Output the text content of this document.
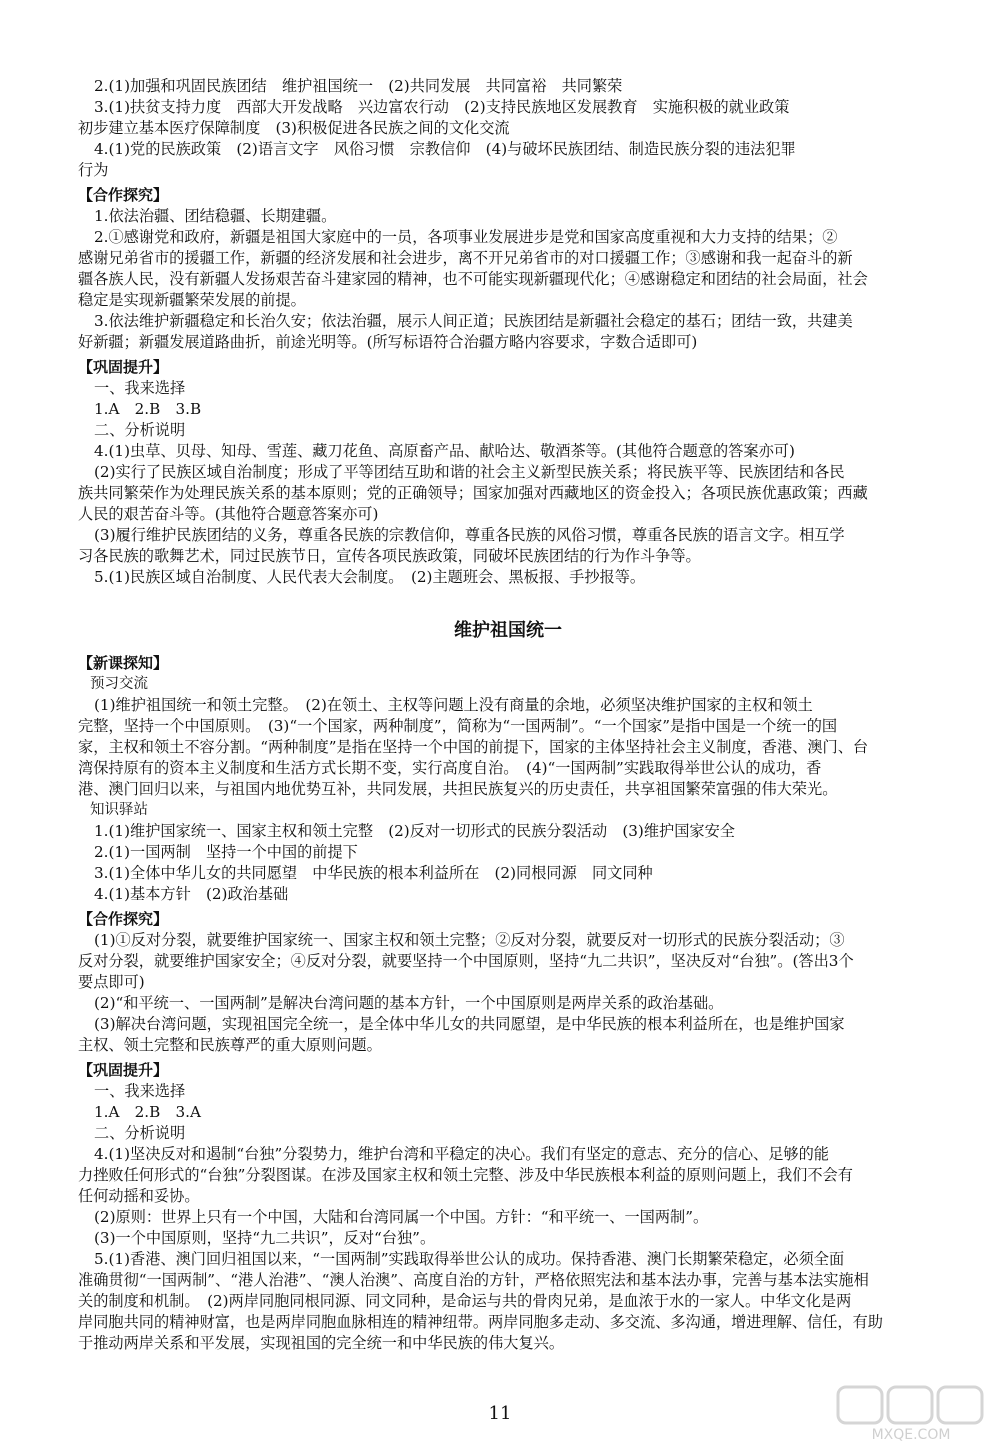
2.(1)加强和巩固民族团结　维护祖国统一　(2)共同发展　共同富裕　共同繁荣
3.(1)扶贫支持力度　西部大开发战略　兴边富农行动　(2)支持民族地区发展教育　实施积极的就业政策
初步建立基本医疗保障制度　(3)积极促进各民族之间的文化交流
4.(1)党的民族政策　(2)语言文字　风俗习惯　宗教信仰　(4)与破坏民族团结、制造民族分裂的违法犯罪
行为
【合作探究】
1.依法治疆、团结稳疆、长期建疆。
2.①感谢党和政府，新疆是祖国大家庭中的一员，各项事业发展进步是党和国家高度重视和大力支持的结果；②
感谢兄弟省市的援疆工作，新疆的经济发展和社会进步，离不开兄弟省市的对口援疆工作；③感谢和我一起奋斗的新
疆各族人民，没有新疆人发扬艰苦奋斗建家园的精神，也不可能实现新疆现代化；④感谢稳定和团结的社会局面，社会
稳定是实现新疆繁荣发展的前提。
3.依法维护新疆稳定和长治久安；依法治疆，展示人间正道；民族团结是新疆社会稳定的基石；团结一致，共建美
好新疆；新疆发展道路曲折，前途光明等。(所写标语符合治疆方略内容要求，字数合适即可)
【巩固提升】
一、我来选择
1.A　2.B　3.B
二、分析说明
4.(1)虫草、贝母、知母、雪莲、藏刀花鱼、高原畜产品、献哈达、敬酒茶等。(其他符合题意的答案亦可)
(2)实行了民族区域自治制度；形成了平等团结互助和谐的社会主义新型民族关系；将民族平等、民族团结和各民
族共同繁荣作为处理民族关系的基本原则；党的正确领导；国家加强对西藏地区的资金投入；各项民族优惠政策；西藏
人民的艰苦奋斗等。(其他符合题意答案亦可)
(3)履行维护民族团结的义务，尊重各民族的宗教信仰，尊重各民族的风俗习惯，尊重各民族的语言文字。相互学
习各民族的歌舞艺术，同过民族节日，宣传各项民族政策，同破坏民族团结的行为作斗争等。
5.(1)民族区域自治制度、人民代表大会制度。　(2)主题班会、黑板报、手抄报等。
维护祖国统一
【新课探知】
预习交流
(1)维护祖国统一和领土完整。　(2)在领土、主权等问题上没有商量的余地，必须坚决维护国家的主权和领土
完整，坚持一个中国原则。　(3)“一个国家，两种制度”，简称为“一国两制”。“一个国家”是指中国是一个统一的国
家，主权和领土不容分割。“两种制度”是指在坚持一个中国的前提下，国家的主体坚持社会主义制度，香港、澳门、台
湾保持原有的资本主义制度和生活方式长期不变，实行高度自治。　(4)“一国两制”实践取得举世公认的成功，香
港、澳门回归以来，与祖国内地优势互补，共同发展，共担民族复兴的历史责任，共享祖国繁荣富强的伟大荣光。
知识驿站
1.(1)维护国家统一、国家主权和领土完整　(2)反对一切形式的民族分裂活动　(3)维护国家安全
2.(1)一国两制　坚持一个中国的前提下
3.(1)全体中华儿女的共同愿望　中华民族的根本利益所在　(2)同根同源　同文同种
4.(1)基本方针　(2)政治基础
【合作探究】
(1)①反对分裂，就要维护国家统一、国家主权和领土完整；②反对分裂，就要反对一切形式的民族分裂活动；③
反对分裂，就要维护国家安全；④反对分裂，就要坚持一个中国原则，坚持“九二共识”，坚决反对“台独”。(答出3个
要点即可)
(2)“和平统一、一国两制”是解决台湾问题的基本方针，一个中国原则是两岸关系的政治基础。
(3)解决台湾问题，实现祖国完全统一，是全体中华儿女的共同愿望，是中华民族的根本利益所在，也是维护国家
主权、领土完整和民族尊严的重大原则问题。
【巩固提升】
一、我来选择
1.A　2.B　3.A
二、分析说明
4.(1)坚决反对和遏制“台独”分裂势力，维护台湾和平稳定的决心。我们有坚定的意志、充分的信心、足够的能
力挫败任何形式的“台独”分裂图谋。在涉及国家主权和领土完整、涉及中华民族根本利益的原则问题上，我们不会有
任何动摇和妥协。
(2)原则：世界上只有一个中国，大陆和台湾同属一个中国。方针：“和平统一、一国两制”。
(3)一个中国原则，坚持“九二共识”，反对“台独”。
5.(1)香港、澳门回归祖国以来，“一国两制”实践取得举世公认的成功。保持香港、澳门长期繁荣稳定，必须全面
准确贯彻“一国两制”、“港人治港”、“澳人治澳”、高度自治的方针，严格依照宪法和基本法办事，完善与基本法实施相
关的制度和机制。　(2)两岸同胞同根同源、同文同种，是命运与共的骨肉兄弟，是血浓于水的一家人。中华文化是两
岸同胞共同的精神财富，也是两岸同胞血脉相连的精神纽带。两岸同胞多走动、多交流、多沟通，增进理解、信任，有助
于推动两岸关系和平发展，实现祖国的完全统一和中华民族的伟大复兴。
11
MXQE.COM
